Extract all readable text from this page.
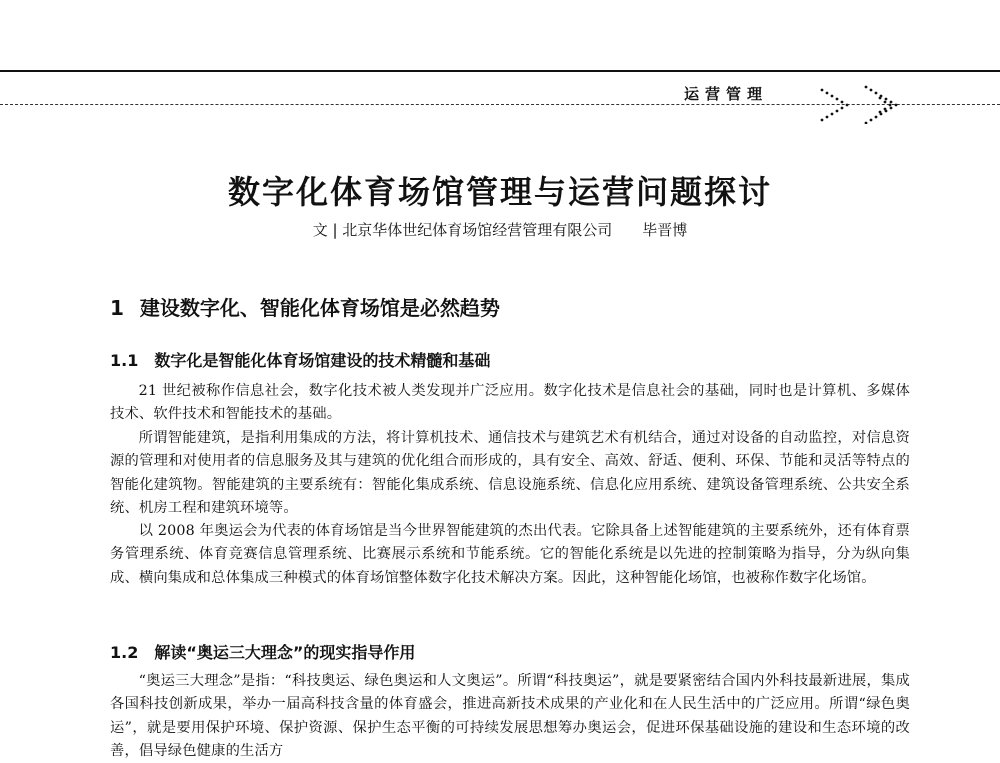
运营管理
数字化体育场馆管理与运营问题探讨
文 | 北京华体世纪体育场馆经营管理有限公司 毕晋博
1 建设数字化、智能化体育场馆是必然趋势
1.1 数字化是智能化体育场馆建设的技术精髓和基础

21 世纪被称作信息社会，数字化技术被人类发现并广泛应用。数字化技术是信息社会的基础，同时也是计算机、多媒体技术、软件技术和智能技术的基础。

所谓智能建筑，是指利用集成的方法，将计算机技术、通信技术与建筑艺术有机结合，通过对设备的自动监控，对信息资源的管理和对使用者的信息服务及其与建筑的优化组合而形成的，具有安全、高效、舒适、便利、环保、节能和灵活等特点的智能化建筑物。智能建筑的主要系统有：智能化集成系统、信息设施系统、信息化应用系统、建筑设备管理系统、公共安全系统、机房工程和建筑环境等。

以 2008 年奥运会为代表的体育场馆是当今世界智能建筑的杰出代表。它除具备上述智能建筑的主要系统外，还有体育票务管理系统、体育竞赛信息管理系统、比赛展示系统和节能系统。它的智能化系统是以先进的控制策略为指导，分为纵向集成、横向集成和总体集成三种模式的体育场馆整体数字化技术解决方案。因此，这种智能化场馆，也被称作数字化场馆。

1.2 解读“奥运三大理念”的现实指导作用

“奥运三大理念”是指：“科技奥运、绿色奥运和人文奥运”。所谓“科技奥运”，就是要紧密结合国内外科技最新进展，集成各国科技创新成果，举办一届高科技含量的体育盛会，推进高新技术成果的产业化和在人民生活中的广泛应用。所谓“绿色奥运”，就是要用保护环境、保护资源、保护生态平衡的可持续发展思想筹办奥运会，促进环保基础设施的建设和生态环境的改善，倡导绿色健康的生活方
